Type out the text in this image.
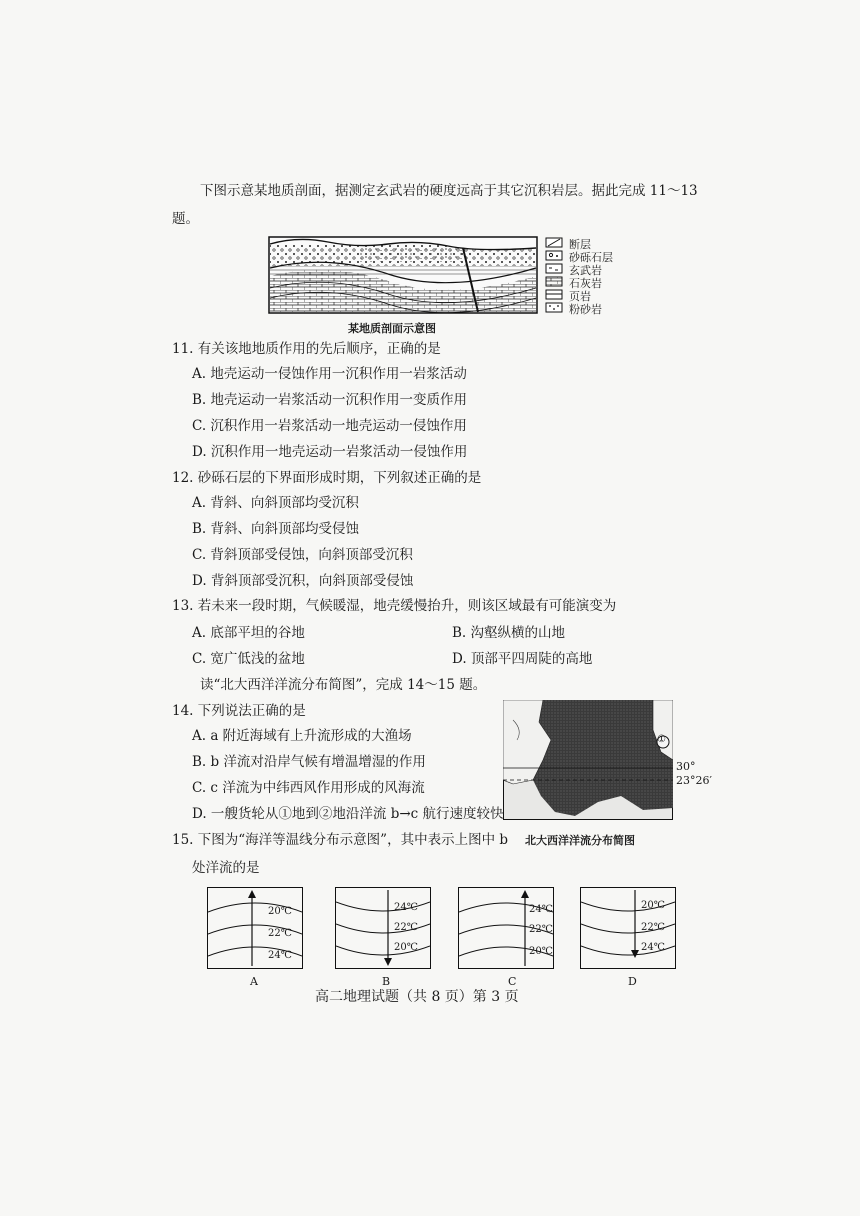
下图示意某地质剖面，据测定玄武岩的硬度远高于其它沉积岩层。据此完成 11～13
题。
断层
砂砾石层
玄武岩
石灰岩
页岩
粉砂岩
某地质剖面示意图
11. 有关该地地质作用的先后顺序，正确的是
A. 地壳运动一侵蚀作用一沉积作用一岩浆活动
B. 地壳运动一岩浆活动一沉积作用一变质作用
C. 沉积作用一岩浆活动一地壳运动一侵蚀作用
D. 沉积作用一地壳运动一岩浆活动一侵蚀作用
12. 砂砾石层的下界面形成时期，下列叙述正确的是
A. 背斜、向斜顶部均受沉积
B. 背斜、向斜顶部均受侵蚀
C. 背斜顶部受侵蚀，向斜顶部受沉积
D. 背斜顶部受沉积，向斜顶部受侵蚀
13. 若未来一段时期，气候暖湿，地壳缓慢抬升，则该区域最有可能演变为
A. 底部平坦的谷地	B. 沟壑纵横的山地
C. 宽广低浅的盆地	D. 顶部平四周陡的高地
读“北大西洋洋流分布简图”，完成 14～15 题。
14. 下列说法正确的是
A. a 附近海域有上升流形成的大渔场
B. b 洋流对沿岸气候有增温增湿的作用
C. c 洋流为中纬西风作用形成的风海流
D. 一艘货轮从①地到②地沿洋流 b→c 航行速度较快
①
30°
23°26′
北大西洋洋流分布简图
15. 下图为“海洋等温线分布示意图”，其中表示上图中 b
处洋流的是
20℃
22℃
24℃
A
24℃
22℃
20℃
B
24℃
22℃
20℃
C
20℃
22℃
24℃
D
高二地理试题（共 8 页）第 3 页
